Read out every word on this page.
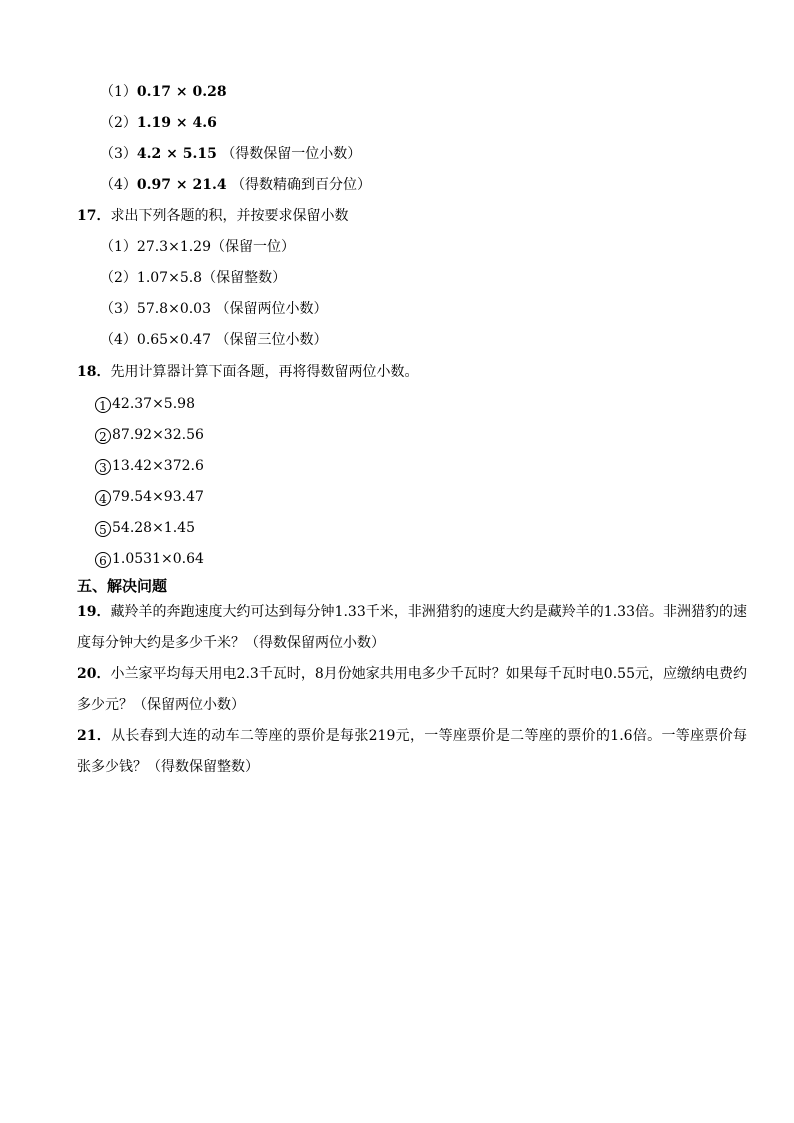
（1）0.17 × 0.28
（2）1.19 × 4.6
（3）4.2 × 5.15 （得数保留一位小数）
（4）0.97 × 21.4 （得数精确到百分位）
17．求出下列各题的积，并按要求保留小数
（1）27.3×1.29（保留一位）
（2）1.07×5.8（保留整数）
（3）57.8×0.03 （保留两位小数）
（4）0.65×0.47 （保留三位小数）
18．先用计算器计算下面各题，再将得数留两位小数。
1 42.37×5.98
2 87.92×32.56
3 13.42×372.6
4 79.54×93.47
5 54.28×1.45
6 1.0531×0.64
五、解决问题
19．藏羚羊的奔跑速度大约可达到每分钟1.33千米，非洲猎豹的速度大约是藏羚羊的1.33倍。非洲猎豹的速度每分钟大约是多少千米？（得数保留两位小数）
20．小兰家平均每天用电2.3千瓦时，8月份她家共用电多少千瓦时？如果每千瓦时电0.55元，应缴纳电费约多少元？（保留两位小数）
21．从长春到大连的动车二等座的票价是每张219元，一等座票价是二等座的票价的1.6倍。一等座票价每张多少钱？（得数保留整数）
